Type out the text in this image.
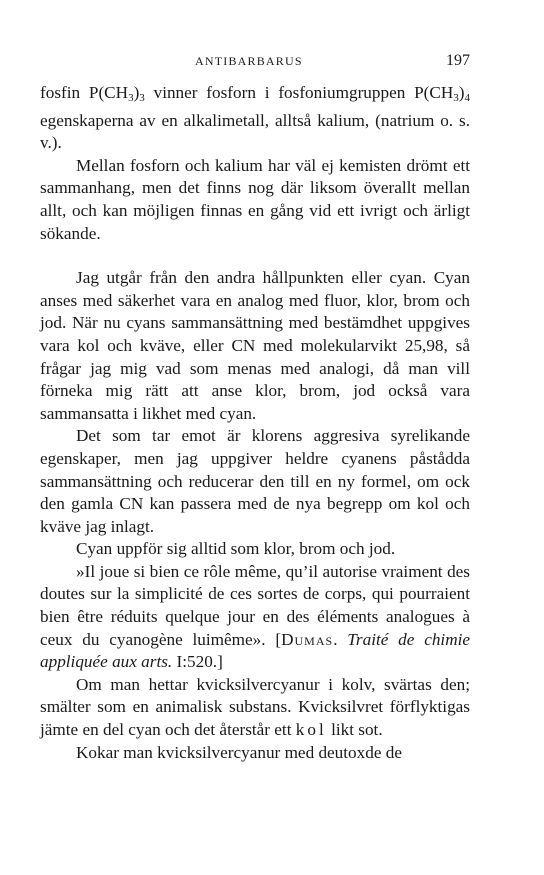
ANTIBARBARUS	197

fosfin $P(CH_3)_3$ vinner fosforn i fosfoniumgruppen $P(CH_3)_4$ egenskaperna av en alkalimetall, alltså kalium, (natrium o. s. v.).

Mellan fosforn och kalium har väl ej kemisten drömt ett sammanhang, men det finns nog där liksom överallt mellan allt, och kan möjligen finnas en gång vid ett ivrigt och ärligt sökande.

Jag utgår från den andra hållpunkten eller cyan. Cyan anses med säkerhet vara en analog med fluor, klor, brom och jod. När nu cyans sammansättning med bestämdhet uppgives vara kol och kväve, eller CN med molekularvikt 25,98, så frågar jag mig vad som menas med analogi, då man vill förneka mig rätt att anse klor, brom, jod också vara sammansatta i likhet med cyan.

Det som tar emot är klorens aggresiva syrelikande egenskaper, men jag uppgiver heldre cyanens påstådda sammansättning och reducerar den till en ny formel, om ock den gamla CN kan passera med de nya begrepp om kol och kväve jag inlagt.

Cyan uppför sig alltid som klor, brom och jod.

»Il joue si bien ce rôle même, qu’il autorise vraiment des doutes sur la simplicité de ces sortes de corps, qui pourraient bien être réduits quelque jour en des éléments analogues à ceux du cyanogène luimême». [Dumas. Traité de chimie appliquée aux arts. I:520.]

Om man hettar kvicksilvercyanur i kolv, svärtas den; smälter som en animalisk substans. Kvicksilvret förflyktigas jämte en del cyan och det återstår ett kol likt sot.

Kokar man kvicksilvercyanur med deutoxde de
